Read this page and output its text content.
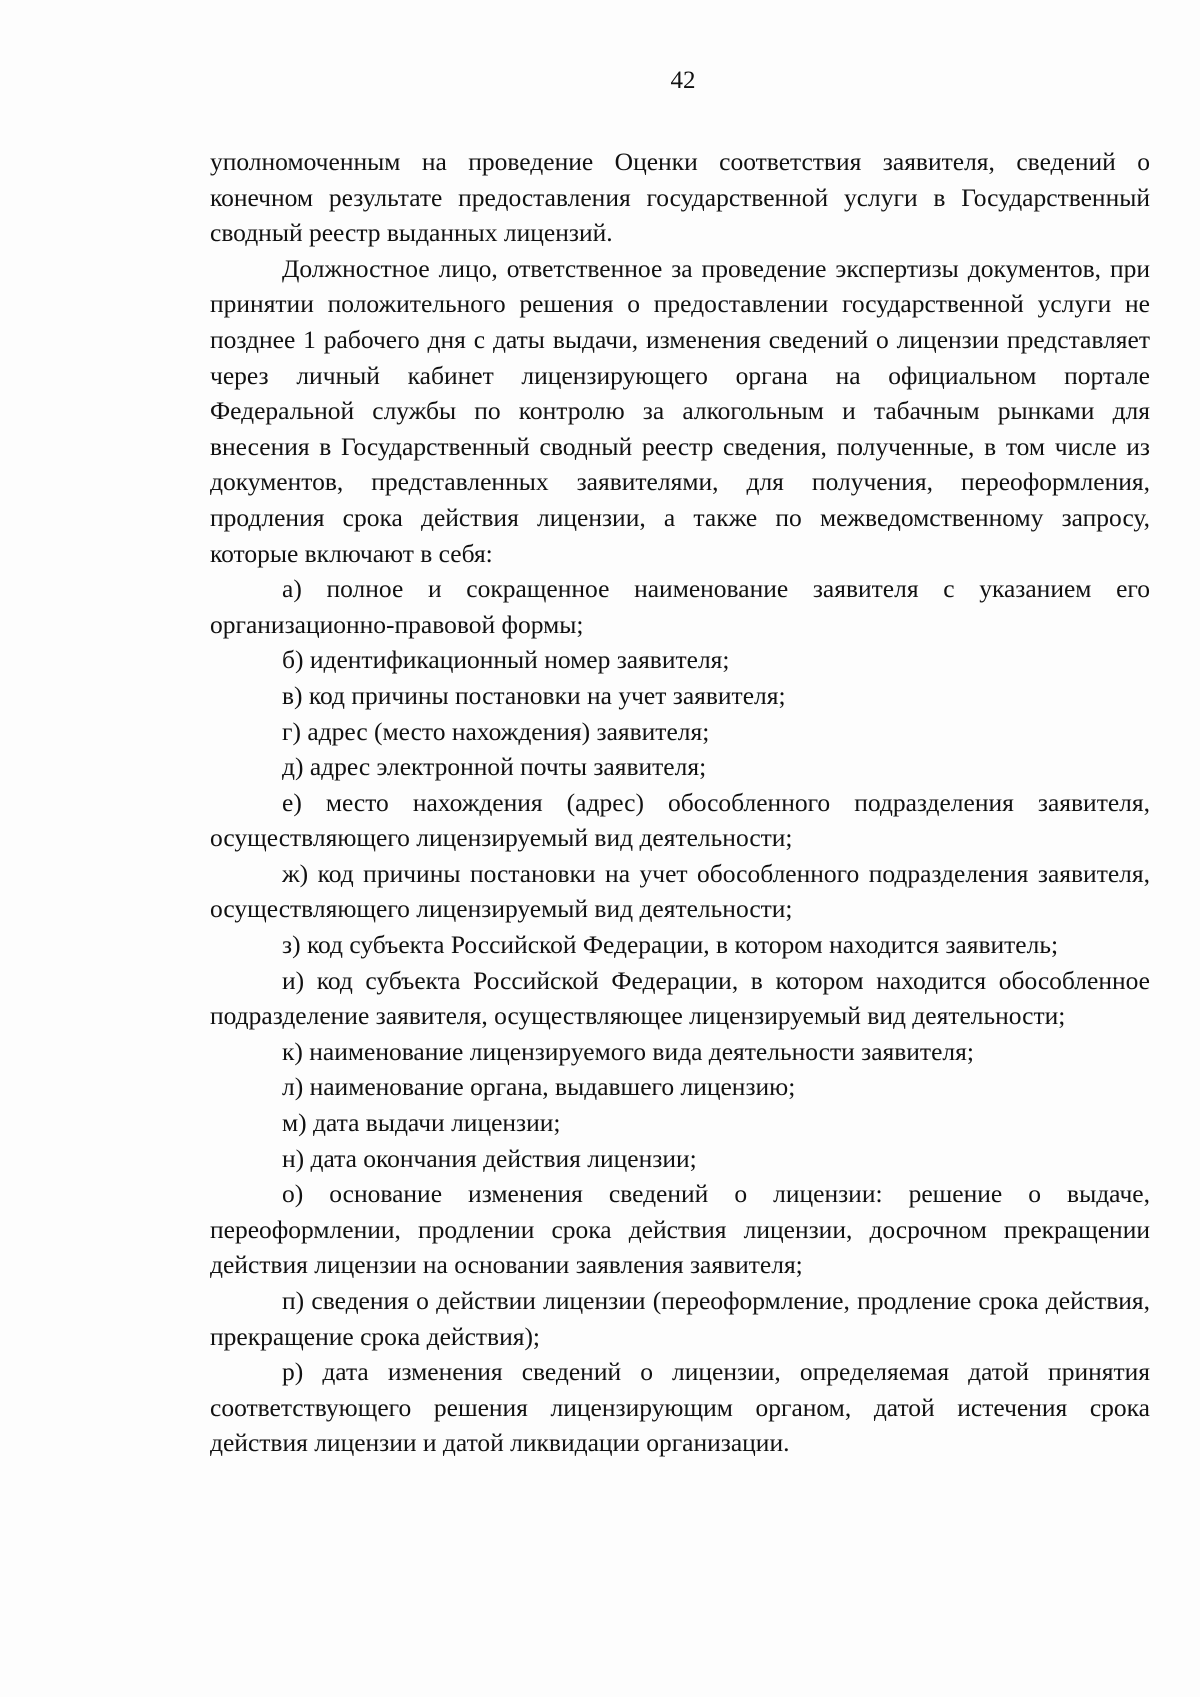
42

уполномоченным на проведение Оценки соответствия заявителя, сведений о конечном результате предоставления государственной услуги в Государственный сводный реестр выданных лицензий.

Должностное лицо, ответственное за проведение экспертизы документов, при принятии положительного решения о предоставлении государственной услуги не позднее 1 рабочего дня с даты выдачи, изменения сведений о лицензии представляет через личный кабинет лицензирующего органа на официальном портале Федеральной службы по контролю за алкогольным и табачным рынками для внесения в Государственный сводный реестр сведения, полученные, в том числе из документов, представленных заявителями, для получения, переоформления, продления срока действия лицензии, а также по межведомственному запросу, которые включают в себя:

а) полное и сокращенное наименование заявителя с указанием его организационно-правовой формы;

б) идентификационный номер заявителя;

в) код причины постановки на учет заявителя;

г) адрес (место нахождения) заявителя;

д) адрес электронной почты заявителя;

е) место нахождения (адрес) обособленного подразделения заявителя, осуществляющего лицензируемый вид деятельности;

ж) код причины постановки на учет обособленного подразделения заявителя, осуществляющего лицензируемый вид деятельности;

з) код субъекта Российской Федерации, в котором находится заявитель;

и) код субъекта Российской Федерации, в котором находится обособленное подразделение заявителя, осуществляющее лицензируемый вид деятельности;

к) наименование лицензируемого вида деятельности заявителя;

л) наименование органа, выдавшего лицензию;

м) дата выдачи лицензии;

н) дата окончания действия лицензии;

о) основание изменения сведений о лицензии: решение о выдаче, переоформлении, продлении срока действия лицензии, досрочном прекращении действия лицензии на основании заявления заявителя;

п) сведения о действии лицензии (переоформление, продление срока действия, прекращение срока действия);

р) дата изменения сведений о лицензии, определяемая датой принятия соответствующего решения лицензирующим органом, датой истечения срока действия лицензии и датой ликвидации организации.
